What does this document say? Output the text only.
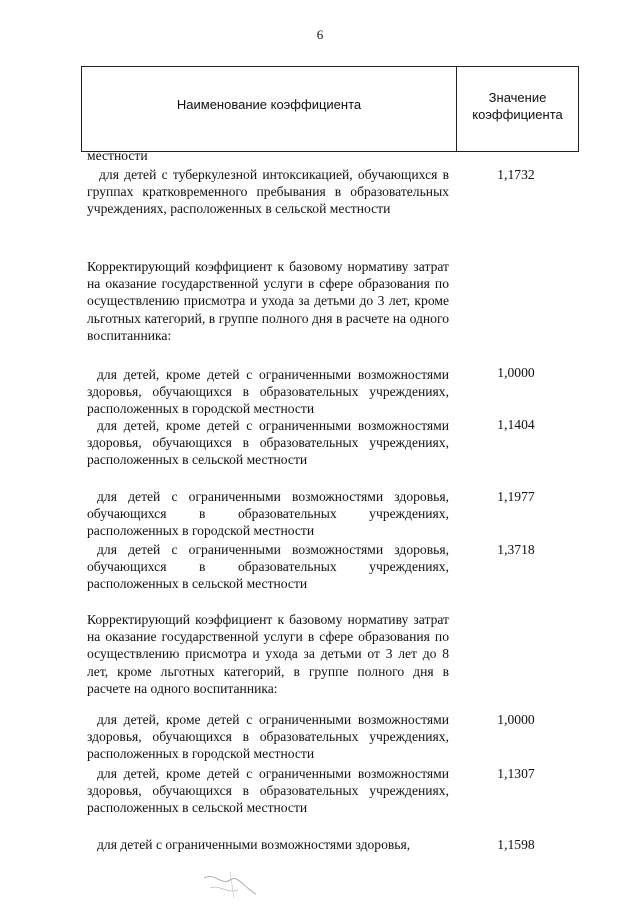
6
Наименование коэффициента	Значение
коэффициента
местности
для детей с туберкулезной интоксикацией, обучающихся в группах кратковременного пребывания в образовательных учреждениях, расположенных в сельской местности
1,1732
Корректирующий коэффициент к базовому нормативу затрат на оказание государственной услуги в сфере образования по осуществлению присмотра и ухода за детьми до 3 лет, кроме льготных категорий, в группе полного дня в расчете на одного воспитанника:
для детей, кроме детей с ограниченными возможностями здоровья, обучающихся в образовательных учреждениях, расположенных в городской местности
1,0000
для детей, кроме детей с ограниченными возможностями здоровья, обучающихся в образовательных учреждениях, расположенных в сельской местности
1,1404
для детей с ограниченными возможностями здоровья, обучающихся в образовательных учреждениях, расположенных в городской местности
1,1977
для детей с ограниченными возможностями здоровья, обучающихся в образовательных учреждениях, расположенных в сельской местности
1,3718
Корректирующий коэффициент к базовому нормативу затрат на оказание государственной услуги в сфере образования по осуществлению присмотра и ухода за детьми от 3 лет до 8 лет, кроме льготных категорий, в группе полного дня в расчете на одного воспитанника:
для детей, кроме детей с ограниченными возможностями здоровья, обучающихся в образовательных учреждениях, расположенных в городской местности
1,0000
для детей, кроме детей с ограниченными возможностями здоровья, обучающихся в образовательных учреждениях, расположенных в сельской местности
1,1307
для детей с ограниченными возможностями здоровья,	1,1598
